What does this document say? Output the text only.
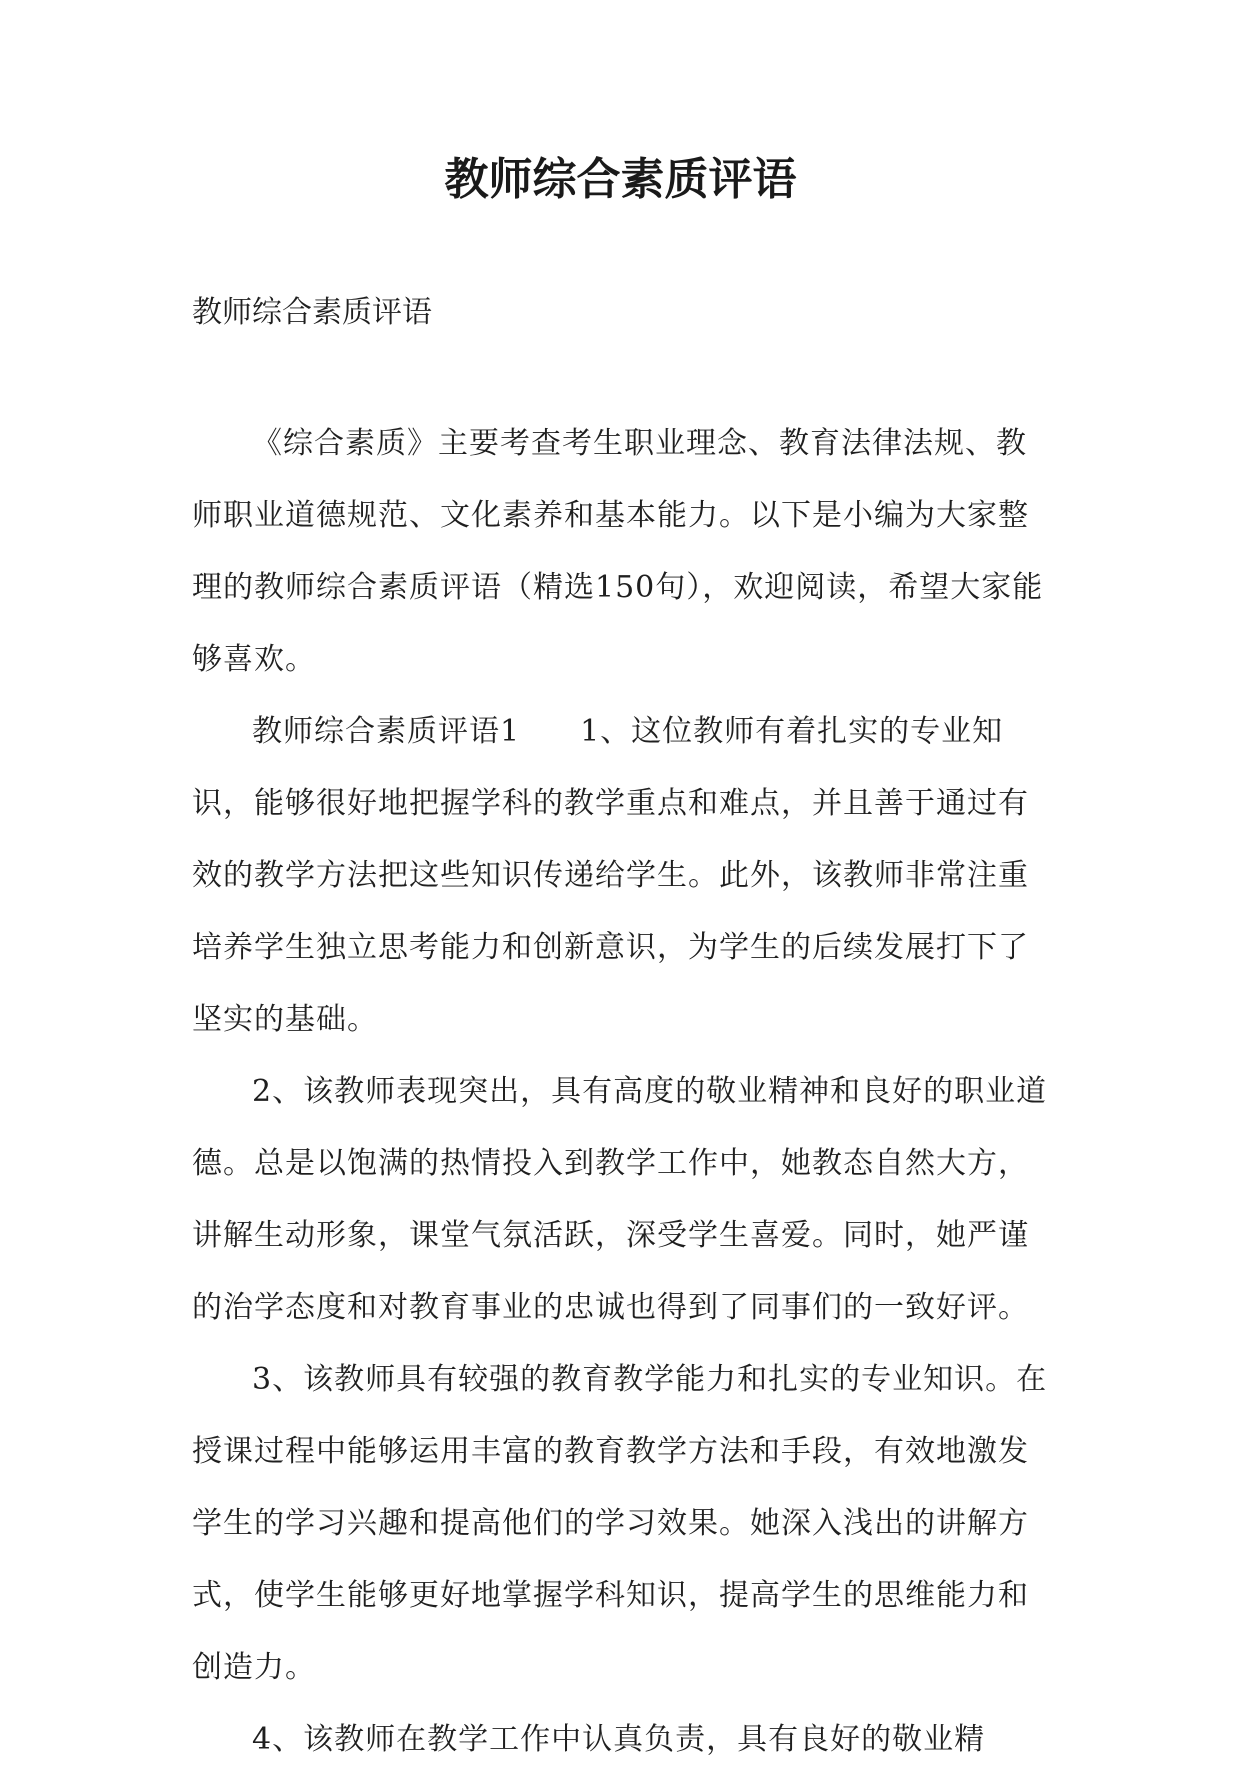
教师综合素质评语

教师综合素质评语

《综合素质》主要考查考生职业理念、教育法律法规、教师职业道德规范、文化素养和基本能力。以下是小编为大家整理的教师综合素质评语（精选150句），欢迎阅读，希望大家能够喜欢。

教师综合素质评语1 1、这位教师有着扎实的专业知识，能够很好地把握学科的教学重点和难点，并且善于通过有效的教学方法把这些知识传递给学生。此外，该教师非常注重培养学生独立思考能力和创新意识，为学生的后续发展打下了坚实的基础。

2、该教师表现突出，具有高度的敬业精神和良好的职业道德。总是以饱满的热情投入到教学工作中，她教态自然大方，讲解生动形象，课堂气氛活跃，深受学生喜爱。同时，她严谨的治学态度和对教育事业的忠诚也得到了同事们的一致好评。

3、该教师具有较强的教育教学能力和扎实的专业知识。在授课过程中能够运用丰富的教育教学方法和手段，有效地激发学生的学习兴趣和提高他们的学习效果。她深入浅出的讲解方式，使学生能够更好地掌握学科知识，提高学生的思维能力和创造力。

4、该教师在教学工作中认真负责，具有良好的敬业精
